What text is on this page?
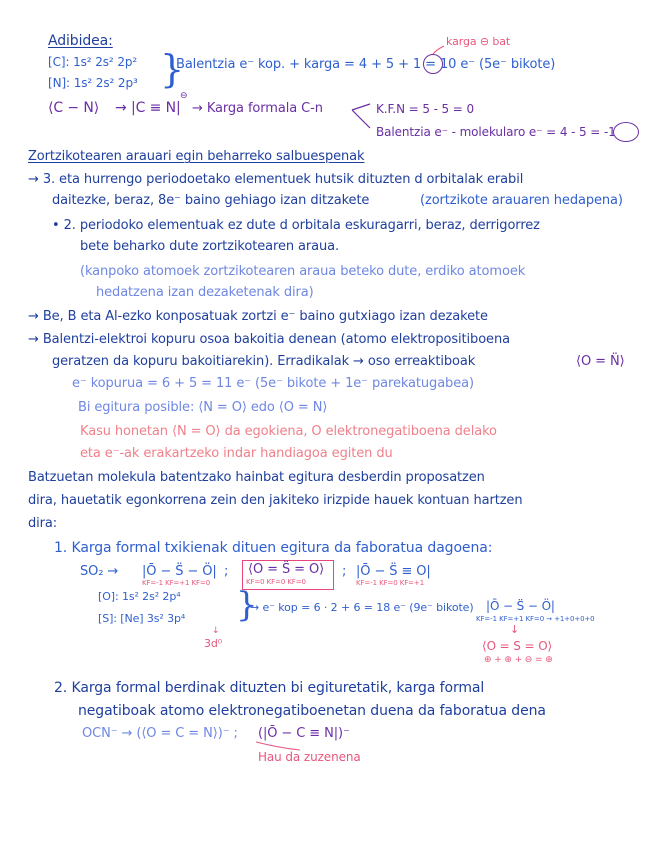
Adibidea:	karga ⊖ bat
[C]: 1s² 2s² 2p²
[N]: 1s² 2s² 2p³ }
Balentzia e⁻ kop. + karga = 4 + 5 + 1 = 10 e⁻ (5e⁻ bikote)
⟨C − N⟩ → |C ≡ N|
⊖
→ Karga formala C-n	K.F.N = 5 - 5 = 0
Balentzia e⁻ - molekularo e⁻ = 4 - 5 = -1
Zortzikotearen arauari egin beharreko salbuespenak
→ 3. eta hurrengo periodoetako elementuek hutsik dituzten d orbitalak erabil
daitezke, beraz, 8e⁻ baino gehiago izan ditzakete	(zortzikote arauaren hedapena)
• 2. periodoko elementuak ez dute d orbitala eskuragarri, beraz, derrigorrez
bete beharko dute zortzikotearen araua.
(kanpoko atomoek zortzikotearen araua beteko dute, erdiko atomoek
hedatzena izan dezaketenak dira)
→ Be, B eta Al-ezko konposatuak zortzi e⁻ baino gutxiago izan dezakete
→ Balentzi-elektroi kopuru osoa bakoitia denean (atomo elektropositiboena
geratzen da kopuru bakoitiarekin). Erradikalak → oso erreaktiboak	⟨O = N̈⟩
e⁻ kopurua = 6 + 5 = 11 e⁻ (5e⁻ bikote + 1e⁻ parekatugabea)
Bi egitura posible: ⟨N = O⟩ edo ⟨O = N⟩
Kasu honetan ⟨N = O⟩ da egokiena, O elektronegatiboena delako
eta e⁻-ak erakartzeko indar handiagoa egiten du
Batzuetan molekula batentzako hainbat egitura desberdin proposatzen
dira, hauetatik egonkorrena zein den jakiteko irizpide hauek kontuan hartzen
dira:
1. Karga formal txikienak dituen egitura da faboratua dagoena:
SO₂ → |Ō − S̈ − Ö|
KF=-1 KF=+1 KF=0
; ⟨O = S̈ = O⟩
KF=0 KF=0 KF=0
; |Ō − S̈ ≡ O|
KF=-1 KF=0 KF=+1
[O]: 1s² 2s² 2p⁴
[S]: [Ne] 3s² 3p⁴ }
↓
3d⁰
→ e⁻ kop = 6 · 2 + 6 = 18 e⁻ (9e⁻ bikote) |Ō − S̈ − Ö|
KF=-1 KF=+1 KF=0 → +1+0+0+0
↓
⟨O = S = O⟩
⊕ + ⊕ + ⊖ = ⊕
2. Karga formal berdinak dituzten bi egituretatik, karga formal
negatiboak atomo elektronegatiboenetan duena da faboratua dena
OCN⁻ → (⟨O = C = N⟩)⁻ ; (|Ō − C ≡ N|)⁻
Hau da zuzenena
